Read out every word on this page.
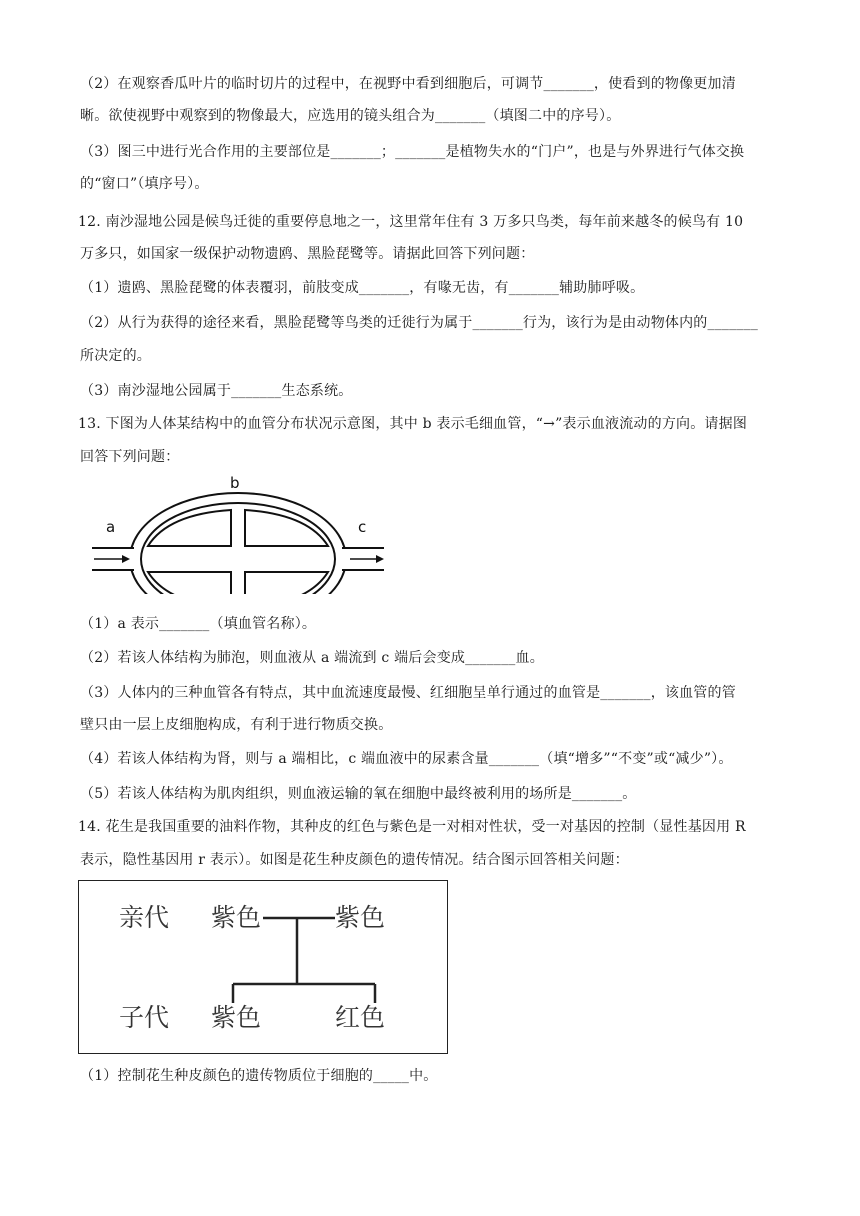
（2）在观察香瓜叶片的临时切片的过程中，在视野中看到细胞后，可调节_______，使看到的物像更加清
晰。欲使视野中观察到的物像最大，应选用的镜头组合为_______（填图二中的序号）。
（3）图三中进行光合作用的主要部位是_______；_______是植物失水的“门户”，也是与外界进行气体交换
的“窗口”（填序号）。
12. 南沙湿地公园是候鸟迁徙的重要停息地之一，这里常年住有 3 万多只鸟类，每年前来越冬的候鸟有 10
万多只，如国家一级保护动物遗鸥、黑脸琵鹭等。请据此回答下列问题：
（1）遗鸥、黑脸琵鹭的体表覆羽，前肢变成_______，有喙无齿，有_______辅助肺呼吸。
（2）从行为获得的途径来看，黑脸琵鹭等鸟类的迁徙行为属于_______行为，该行为是由动物体内的_______
所决定的。
（3）南沙湿地公园属于_______生态系统。
13. 下图为人体某结构中的血管分布状况示意图，其中 b 表示毛细血管，“→”表示血液流动的方向。请据图
回答下列问题：
b
a	c
（1）a 表示_______（填血管名称）。
（2）若该人体结构为肺泡，则血液从 a 端流到 c 端后会变成_______血。
（3）人体内的三种血管各有特点，其中血流速度最慢、红细胞呈单行通过的血管是_______，该血管的管
壁只由一层上皮细胞构成，有利于进行物质交换。
（4）若该人体结构为肾，则与 a 端相比，c 端血液中的尿素含量_______（填“增多”“不变”或“减少”）。
（5）若该人体结构为肌肉组织，则血液运输的氧在细胞中最终被利用的场所是_______。
14. 花生是我国重要的油料作物，其种皮的红色与紫色是一对相对性状，受一对基因的控制（显性基因用 R
表示，隐性基因用 r 表示）。如图是花生种皮颜色的遗传情况。结合图示回答相关问题：
亲代 紫色	紫色
子代 紫色	红色
（1）控制花生种皮颜色的遗传物质位于细胞的_____中。
